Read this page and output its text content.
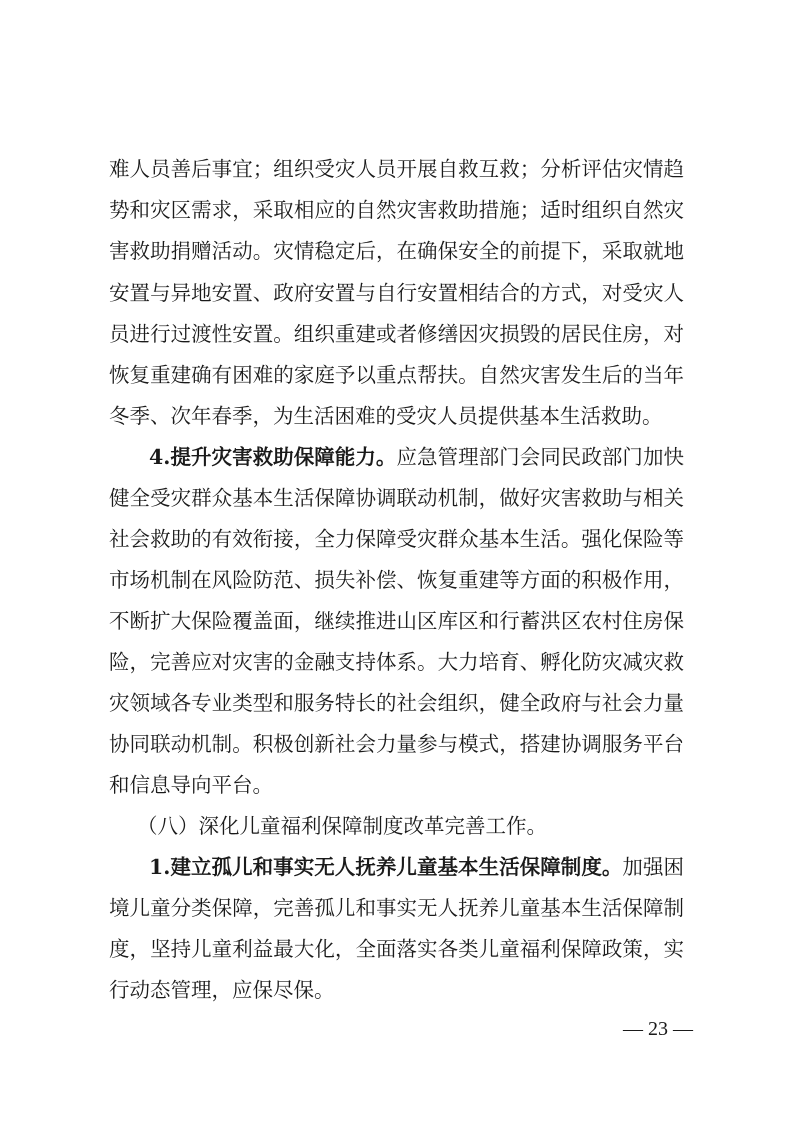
难人员善后事宜；组织受灾人员开展自救互救；分析评估灾情趋
势和灾区需求，采取相应的自然灾害救助措施；适时组织自然灾
害救助捐赠活动。灾情稳定后，在确保安全的前提下，采取就地
安置与异地安置、政府安置与自行安置相结合的方式，对受灾人
员进行过渡性安置。组织重建或者修缮因灾损毁的居民住房，对
恢复重建确有困难的家庭予以重点帮扶。自然灾害发生后的当年
冬季、次年春季，为生活困难的受灾人员提供基本生活救助。
4.提升灾害救助保障能力。应急管理部门会同民政部门加快
健全受灾群众基本生活保障协调联动机制，做好灾害救助与相关
社会救助的有效衔接，全力保障受灾群众基本生活。强化保险等
市场机制在风险防范、损失补偿、恢复重建等方面的积极作用，
不断扩大保险覆盖面，继续推进山区库区和行蓄洪区农村住房保
险，完善应对灾害的金融支持体系。大力培育、孵化防灾减灾救
灾领域各专业类型和服务特长的社会组织，健全政府与社会力量
协同联动机制。积极创新社会力量参与模式，搭建协调服务平台
和信息导向平台。
（八）深化儿童福利保障制度改革完善工作。
1.建立孤儿和事实无人抚养儿童基本生活保障制度。加强困
境儿童分类保障，完善孤儿和事实无人抚养儿童基本生活保障制
度，坚持儿童利益最大化，全面落实各类儿童福利保障政策，实
行动态管理，应保尽保。
— 23 —
